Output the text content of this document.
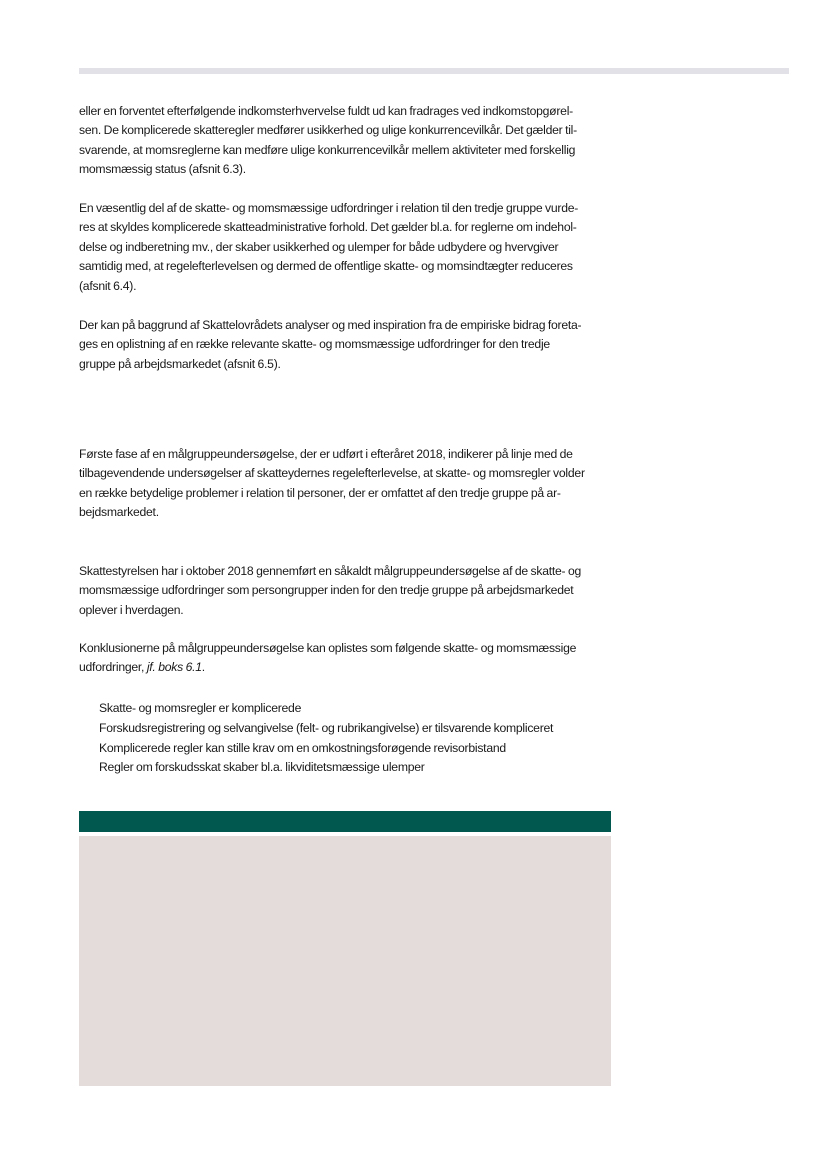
eller en forventet efterfølgende indkomsterhvervelse fuldt ud kan fradrages ved indkomstopgørel-
sen. De komplicerede skatteregler medfører usikkerhed og ulige konkurrencevilkår. Det gælder til-
svarende, at momsreglerne kan medføre ulige konkurrencevilkår mellem aktiviteter med forskellig
momsmæssig status (afsnit 6.3).

En væsentlig del af de skatte- og momsmæssige udfordringer i relation til den tredje gruppe vurde-
res at skyldes komplicerede skatteadministrative forhold. Det gælder bl.a. for reglerne om indehol-
delse og indberetning mv., der skaber usikkerhed og ulemper for både udbydere og hvervgiver
samtidig med, at regelefterlevelsen og dermed de offentlige skatte- og momsindtægter reduceres
(afsnit 6.4).

Der kan på baggrund af Skattelovrådets analyser og med inspiration fra de empiriske bidrag foreta-
ges en oplistning af en række relevante skatte- og momsmæssige udfordringer for den tredje
gruppe på arbejdsmarkedet (afsnit 6.5).

Første fase af en målgruppeundersøgelse, der er udført i efteråret 2018, indikerer på linje med de
tilbagevendende undersøgelser af skatteydernes regelefterlevelse, at skatte- og momsregler volder
en række betydelige problemer i relation til personer, der er omfattet af den tredje gruppe på ar-
bejdsmarkedet.

Skattestyrelsen har i oktober 2018 gennemført en såkaldt målgruppeundersøgelse af de skatte- og
momsmæssige udfordringer som persongrupper inden for den tredje gruppe på arbejdsmarkedet
oplever i hverdagen.

Konklusionerne på målgruppeundersøgelse kan oplistes som følgende skatte- og momsmæssige
udfordringer, jf. boks 6.1.

Skatte- og momsregler er komplicerede
Forskudsregistrering og selvangivelse (felt- og rubrikangivelse) er tilsvarende kompliceret
Komplicerede regler kan stille krav om en omkostningsforøgende revisorbistand
Regler om forskudsskat skaber bl.a. likviditetsmæssige ulemper
